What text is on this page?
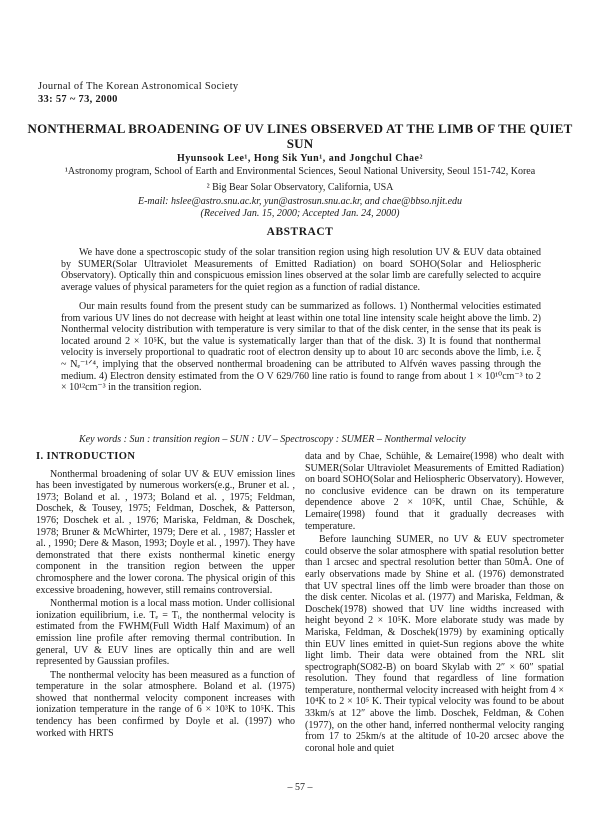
Journal of The Korean Astronomical Society
33: 57 ~ 73, 2000
NONTHERMAL BROADENING OF UV LINES OBSERVED AT THE LIMB OF THE QUIET SUN
Hyunsook Lee¹, Hong Sik Yun¹, and Jongchul Chae²
¹Astronomy program, School of Earth and Environmental Sciences, Seoul National University, Seoul 151-742, Korea
² Big Bear Solar Observatory, California, USA
E-mail: hslee@astro.snu.ac.kr, yun@astrosun.snu.ac.kr, and chae@bbso.njit.edu
(Received Jan. 15, 2000; Accepted Jan. 24, 2000)
ABSTRACT

We have done a spectroscopic study of the solar transition region using high resolution UV & EUV data obtained by SUMER(Solar Ultraviolet Measurements of Emitted Radiation) on board SOHO(Solar and Heliospheric Observatory). Optically thin and conspicuous emission lines observed at the solar limb are carefully selected to acquire average values of physical parameters for the quiet region as a function of radial distance.

Our main results found from the present study can be summarized as follows. 1) Nonthermal velocities estimated from various UV lines do not decrease with height at least within one total line intensity scale height above the limb. 2) Nonthermal velocity distribution with temperature is very similar to that of the disk center, in the sense that its peak is located around 2 × 10⁵K, but the value is systematically larger than that of the disk. 3) It is found that nonthermal velocity is inversely proportional to quadratic root of electron density up to about 10 arc seconds above the limb, i.e. ξ ~ Nₑ⁻¹ᐟ⁴, implying that the observed nonthermal broadening can be attributed to Alfvén waves passing through the medium. 4) Electron density estimated from the O V 629/760 line ratio is found to range from about 1 × 10¹⁰cm⁻³ to 2 × 10¹²cm⁻³ in the transition region.

Key words : Sun : transition region – SUN : UV – Spectroscopy : SUMER – Nonthermal velocity
I. INTRODUCTION

Nonthermal broadening of solar UV & EUV emission lines has been investigated by numerous workers(e.g., Bruner et al. , 1973; Boland et al. , 1973; Boland et al. , 1975; Feldman, Doschek, & Tousey, 1975; Feldman, Doschek, & Patterson, 1976; Doschek et al. , 1976; Mariska, Feldman, & Doschek, 1978; Bruner & McWhirter, 1979; Dere et al. , 1987; Hassler et al. , 1990; Dere & Mason, 1993; Doyle et al. , 1997). They have demonstrated that there exists nonthermal kinetic energy component in the transition region between the upper chromosphere and the lower corona. The physical origin of this excessive broadening, however, still remains controversial.

Nonthermal motion is a local mass motion. Under collisional ionization equilibrium, i.e. Tₑ = Tᵢ, the nonthermal velocity is estimated from the FWHM(Full Width Half Maximum) of an emission line profile after removing thermal contribution. In general, UV & EUV lines are optically thin and are well represented by Gaussian profiles.

The nonthermal velocity has been measured as a function of temperature in the solar atmosphere. Boland et al. (1975) showed that nonthermal velocity component increases with ionization temperature in the range of 6 × 10³K to 10⁵K. This tendency has been confirmed by Doyle et al. (1997) who worked with HRTS

data and by Chae, Schühle, & Lemaire(1998) who dealt with SUMER(Solar Ultraviolet Measurements of Emitted Radiation) on board SOHO(Solar and Heliospheric Observatory). However, no conclusive evidence can be drawn on its temperature dependence above 2 × 10⁵K, until Chae, Schühle, & Lemaire(1998) found that it gradually decreases with temperature.

Before launching SUMER, no UV & EUV spectrometer could observe the solar atmosphere with spatial resolution better than 1 arcsec and spectral resolution better than 50mÅ. One of early observations made by Shine et al. (1976) demonstrated that UV spectral lines off the limb were broader than those on the disk center. Nicolas et al. (1977) and Mariska, Feldman, & Doschek(1978) showed that UV line widths increased with height beyond 2 × 10⁵K. More elaborate study was made by Mariska, Feldman, & Doschek(1979) by examining optically thin EUV lines emitted in quiet-Sun regions above the white light limb. Their data were obtained from the NRL slit spectrograph(SO82-B) on board Skylab with 2″ × 60″ spatial resolution. They found that regardless of line formation temperature, nonthermal velocity increased with height from 4 × 10⁴K to 2 × 10⁵ K. Their typical velocity was found to be about 33km/s at 12″ above the limb. Doschek, Feldman, & Cohen (1977), on the other hand, inferred nonthermal velocity ranging from 17 to 25km/s at the altitude of 10-20 arcsec above the coronal hole and quiet

– 57 –
